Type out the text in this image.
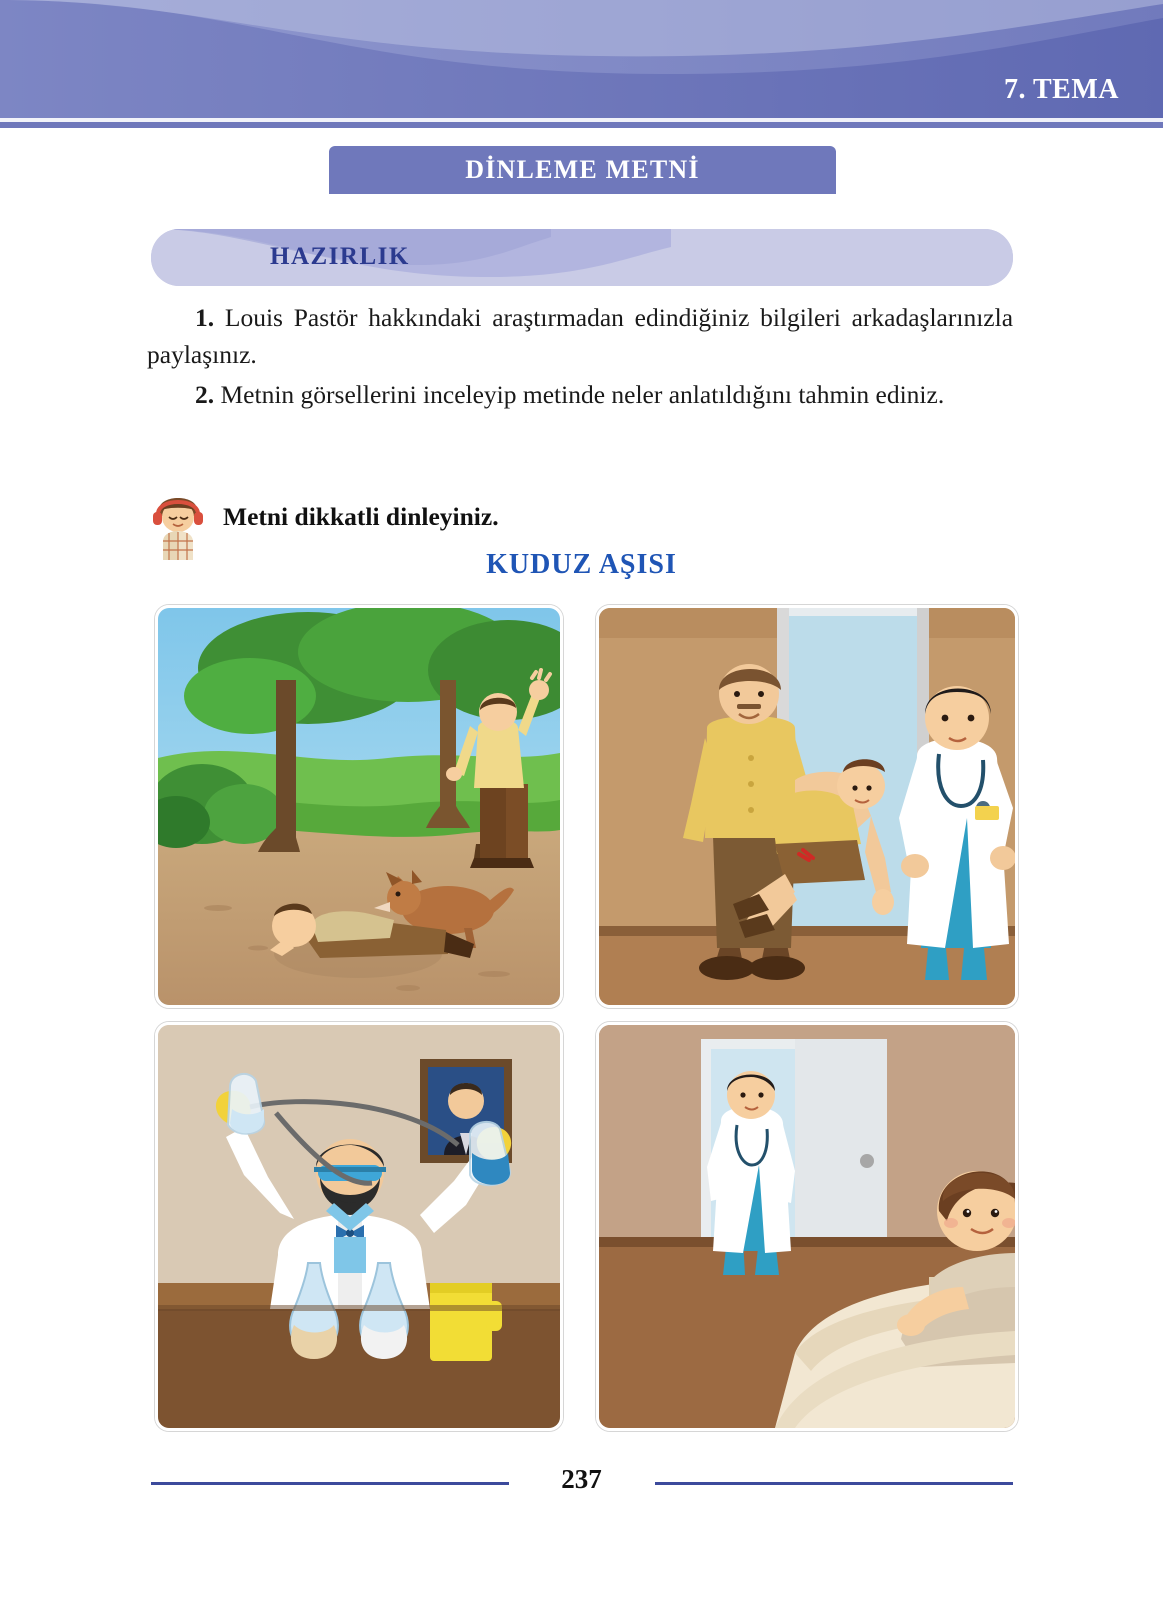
7. TEMA
DİNLEME METNİ
HAZIRLIK

1. Louis Pastör hakkındaki araştırmadan edindiğiniz bilgileri arkadaşlarınızla paylaşınız.

2. Metnin görsellerini inceleyip metinde neler anlatıldığını tahmin ediniz.

Metni dikkatli dinleyiniz.
KUDUZ AŞISI
237
